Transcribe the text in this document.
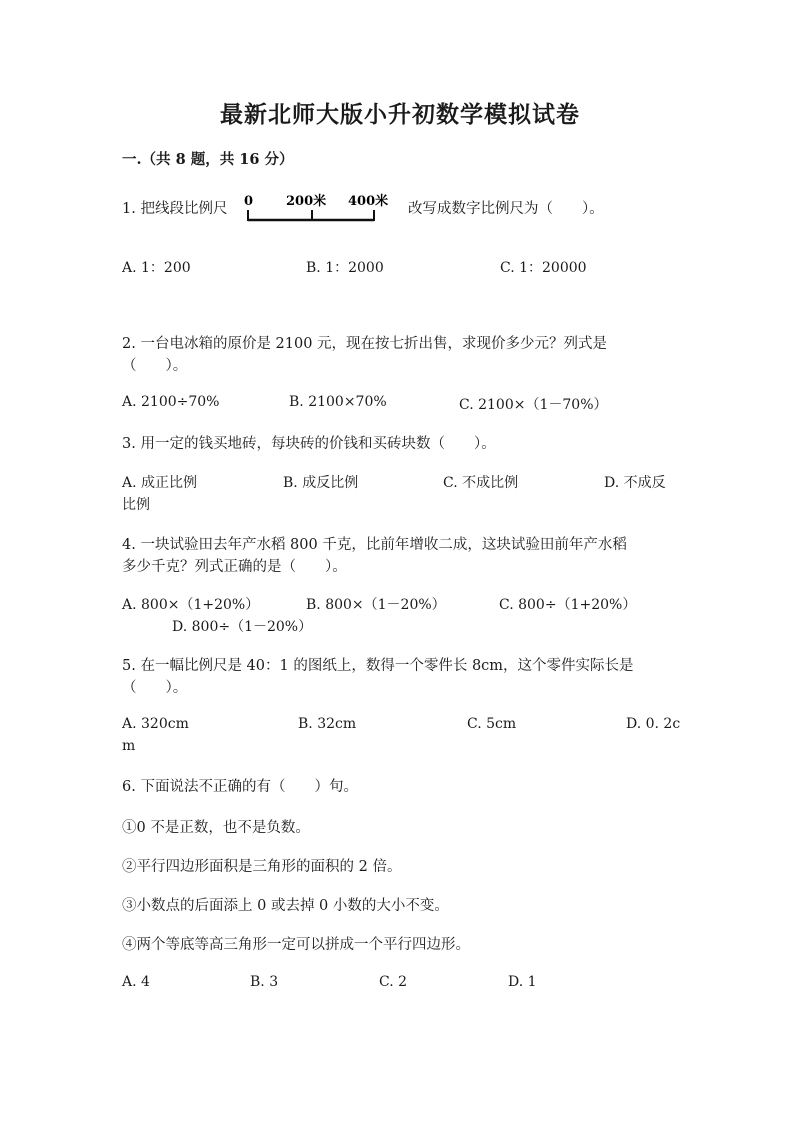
最新北师大版小升初数学模拟试卷
一.（共 8 题，共 16 分）
1. 把线段比例尺 0	200米 400米 改写成数字比例尺为（　　）。
A. 1：200	B. 1：2000	C. 1：20000
2. 一台电冰箱的原价是 2100 元，现在按七折出售，求现价多少元？列式是
（　　）。
A. 2100÷70%	B. 2100×70%	C. 2100×（1－70%）
3. 用一定的钱买地砖，每块砖的价钱和买砖块数（　　）。
A. 成正比例	B. 成反比例	C. 不成比例	D. 不成反
比例
4. 一块试验田去年产水稻 800 千克，比前年增收二成，这块试验田前年产水稻
多少千克？列式正确的是（　　）。
A. 800×（1+20%）	B. 800×（1－20%）	C. 800÷（1+20%）
D. 800÷（1－20%）
5. 在一幅比例尺是 40：1 的图纸上，数得一个零件长 8cm，这个零件实际长是
（　　）。
A. 320cm	B. 32cm	C. 5cm	D. 0. 2c
m
6. 下面说法不正确的有（　　）句。
①0 不是正数，也不是负数。
②平行四边形面积是三角形的面积的 2 倍。
③小数点的后面添上 0 或去掉 0 小数的大小不变。
④两个等底等高三角形一定可以拼成一个平行四边形。
A. 4	B. 3	C. 2	D. 1
